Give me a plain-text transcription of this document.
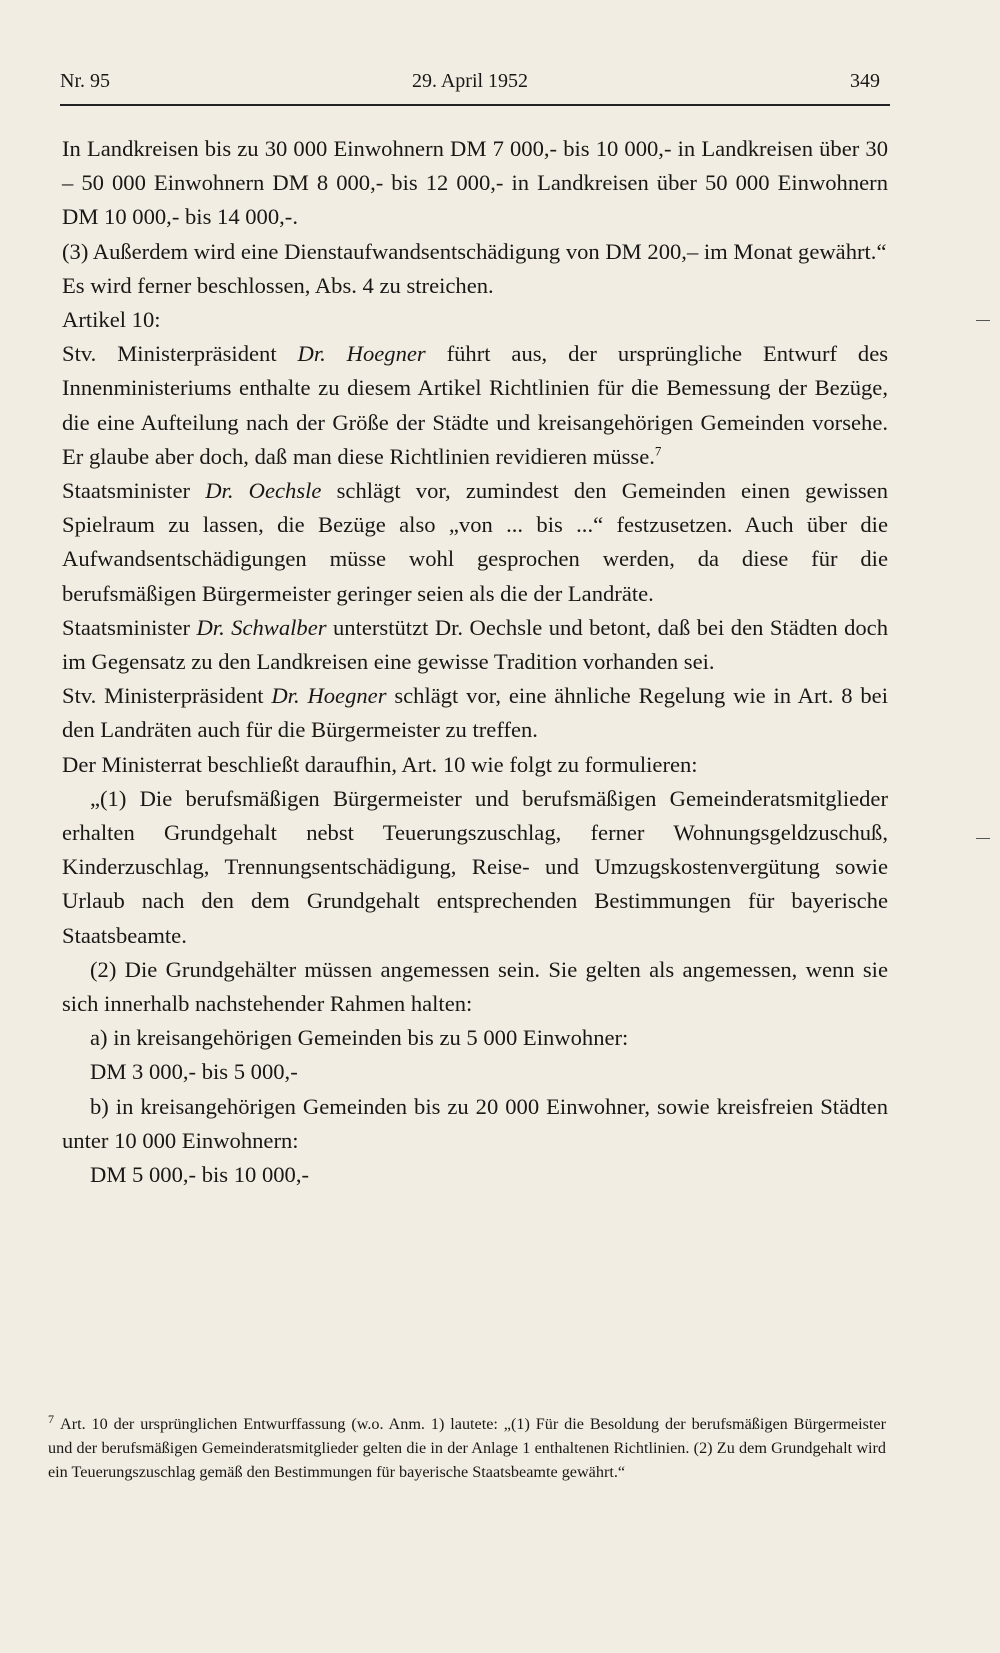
Nr. 95	29. April 1952	349

In Landkreisen bis zu 30 000 Einwohnern DM 7 000,- bis 10 000,- in Landkreisen über 30 – 50 000 Einwohnern DM 8 000,- bis 12 000,- in Landkreisen über 50 000 Einwohnern DM 10 000,- bis 14 000,-.

(3) Außerdem wird eine Dienstaufwandsentschädigung von DM 200,– im Monat gewährt.“

Es wird ferner beschlossen, Abs. 4 zu streichen.

Artikel 10:

Stv. Ministerpräsident Dr. Hoegner führt aus, der ursprüngliche Entwurf des Innenministeriums enthalte zu diesem Artikel Richtlinien für die Bemessung der Bezüge, die eine Aufteilung nach der Größe der Städte und kreisangehörigen Gemeinden vorsehe. Er glaube aber doch, daß man diese Richtlinien revidieren müsse.$^7$

Staatsminister Dr. Oechsle schlägt vor, zumindest den Gemeinden einen gewissen Spielraum zu lassen, die Bezüge also „von ... bis ...“ festzusetzen. Auch über die Aufwandsentschädigungen müsse wohl gesprochen werden, da diese für die berufsmäßigen Bürgermeister geringer seien als die der Landräte.

Staatsminister Dr. Schwalber unterstützt Dr. Oechsle und betont, daß bei den Städten doch im Gegensatz zu den Landkreisen eine gewisse Tradition vorhanden sei.

Stv. Ministerpräsident Dr. Hoegner schlägt vor, eine ähnliche Regelung wie in Art. 8 bei den Landräten auch für die Bürgermeister zu treffen.

Der Ministerrat beschließt daraufhin, Art. 10 wie folgt zu formulieren:

„(1) Die berufsmäßigen Bürgermeister und berufsmäßigen Gemeinderatsmitglieder erhalten Grundgehalt nebst Teuerungszuschlag, ferner Wohnungsgeldzuschuß, Kinderzuschlag, Trennungsentschädigung, Reise- und Umzugskostenvergütung sowie Urlaub nach den dem Grundgehalt entsprechenden Bestimmungen für bayerische Staatsbeamte.

(2) Die Grundgehälter müssen angemessen sein. Sie gelten als angemessen, wenn sie sich innerhalb nachstehender Rahmen halten:

a) in kreisangehörigen Gemeinden bis zu 5 000 Einwohner:

DM 3 000,- bis 5 000,-

b) in kreisangehörigen Gemeinden bis zu 20 000 Einwohner, sowie kreisfreien Städten unter 10 000 Einwohnern:

DM 5 000,- bis 10 000,-

$^7$ Art. 10 der ursprünglichen Entwurffassung (w.o. Anm. 1) lautete: „(1) Für die Besoldung der berufsmäßigen Bürgermeister und der berufsmäßigen Gemeinderatsmitglieder gelten die in der Anlage 1 enthaltenen Richtlinien. (2) Zu dem Grundgehalt wird ein Teuerungszuschlag gemäß den Bestimmungen für bayerische Staatsbeamte gewährt.“
